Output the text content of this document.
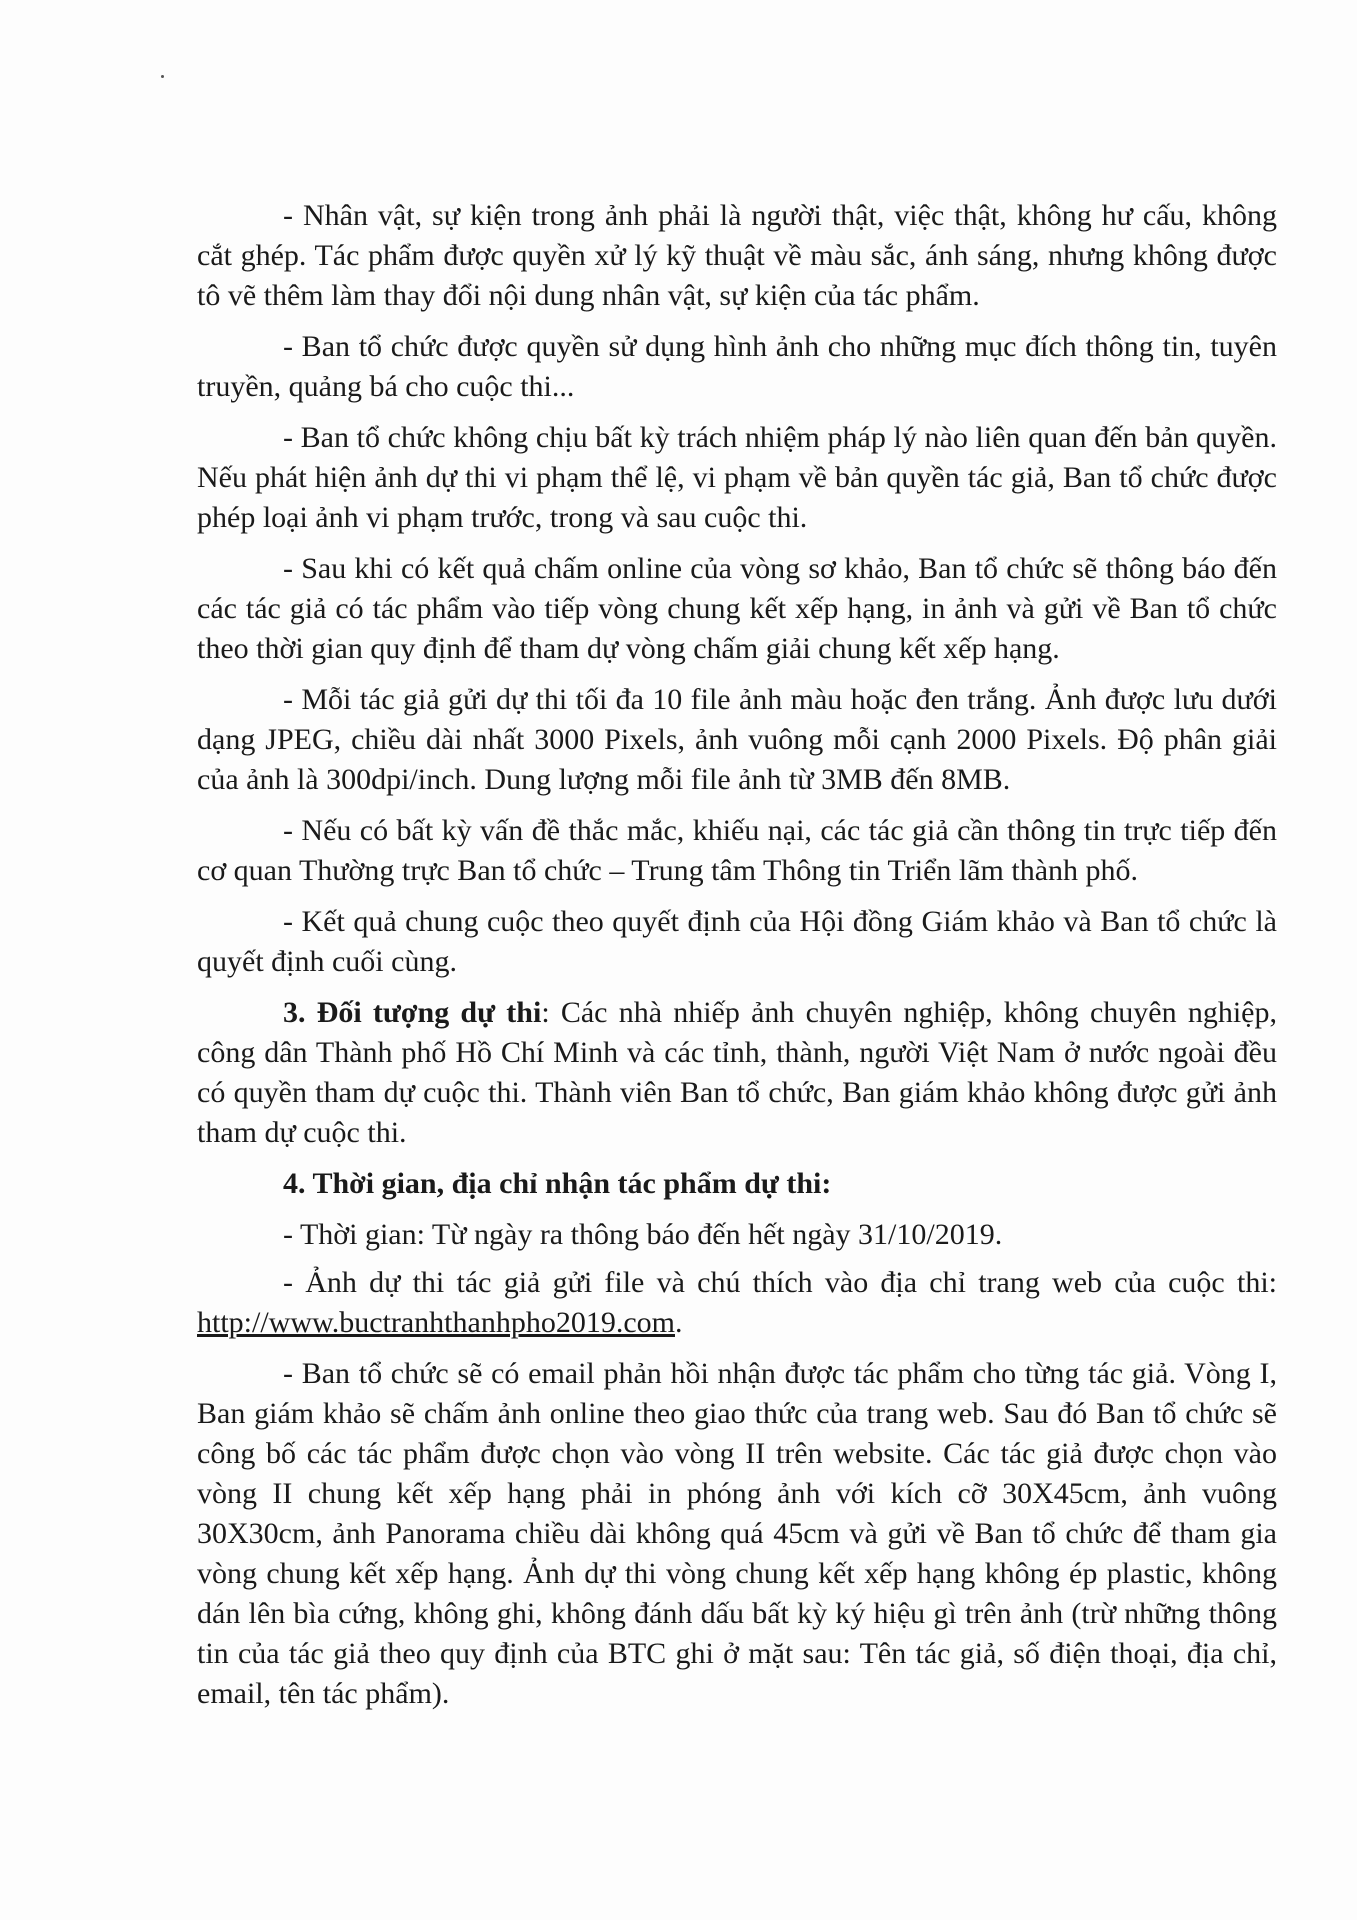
- Nhân vật, sự kiện trong ảnh phải là người thật, việc thật, không hư cấu, không cắt ghép. Tác phẩm được quyền xử lý kỹ thuật về màu sắc, ánh sáng, nhưng không được tô vẽ thêm làm thay đổi nội dung nhân vật, sự kiện của tác phẩm.

- Ban tổ chức được quyền sử dụng hình ảnh cho những mục đích thông tin, tuyên truyền, quảng bá cho cuộc thi...

- Ban tổ chức không chịu bất kỳ trách nhiệm pháp lý nào liên quan đến bản quyền. Nếu phát hiện ảnh dự thi vi phạm thể lệ, vi phạm về bản quyền tác giả, Ban tổ chức được phép loại ảnh vi phạm trước, trong và sau cuộc thi.

- Sau khi có kết quả chấm online của vòng sơ khảo, Ban tổ chức sẽ thông báo đến các tác giả có tác phẩm vào tiếp vòng chung kết xếp hạng, in ảnh và gửi về Ban tổ chức theo thời gian quy định để tham dự vòng chấm giải chung kết xếp hạng.

- Mỗi tác giả gửi dự thi tối đa 10 file ảnh màu hoặc đen trắng. Ảnh được lưu dưới dạng JPEG, chiều dài nhất 3000 Pixels, ảnh vuông mỗi cạnh 2000 Pixels. Độ phân giải của ảnh là 300dpi/inch. Dung lượng mỗi file ảnh từ 3MB đến 8MB.

- Nếu có bất kỳ vấn đề thắc mắc, khiếu nại, các tác giả cần thông tin trực tiếp đến cơ quan Thường trực Ban tổ chức – Trung tâm Thông tin Triển lãm thành phố.

- Kết quả chung cuộc theo quyết định của Hội đồng Giám khảo và Ban tổ chức là quyết định cuối cùng.

3. Đối tượng dự thi: Các nhà nhiếp ảnh chuyên nghiệp, không chuyên nghiệp, công dân Thành phố Hồ Chí Minh và các tỉnh, thành, người Việt Nam ở nước ngoài đều có quyền tham dự cuộc thi. Thành viên Ban tổ chức, Ban giám khảo không được gửi ảnh tham dự cuộc thi.

4. Thời gian, địa chỉ nhận tác phẩm dự thi:

- Thời gian: Từ ngày ra thông báo đến hết ngày 31/10/2019.

- Ảnh dự thi tác giả gửi file và chú thích vào địa chỉ trang web của cuộc thi: http://www.buctranhthanhpho2019.com.

- Ban tổ chức sẽ có email phản hồi nhận được tác phẩm cho từng tác giả. Vòng I, Ban giám khảo sẽ chấm ảnh online theo giao thức của trang web. Sau đó Ban tổ chức sẽ công bố các tác phẩm được chọn vào vòng II trên website. Các tác giả được chọn vào vòng II chung kết xếp hạng phải in phóng ảnh với kích cỡ 30X45cm, ảnh vuông 30X30cm, ảnh Panorama chiều dài không quá 45cm và gửi về Ban tổ chức để tham gia vòng chung kết xếp hạng. Ảnh dự thi vòng chung kết xếp hạng không ép plastic, không dán lên bìa cứng, không ghi, không đánh dấu bất kỳ ký hiệu gì trên ảnh (trừ những thông tin của tác giả theo quy định của BTC ghi ở mặt sau: Tên tác giả, số điện thoại, địa chỉ, email, tên tác phẩm).
